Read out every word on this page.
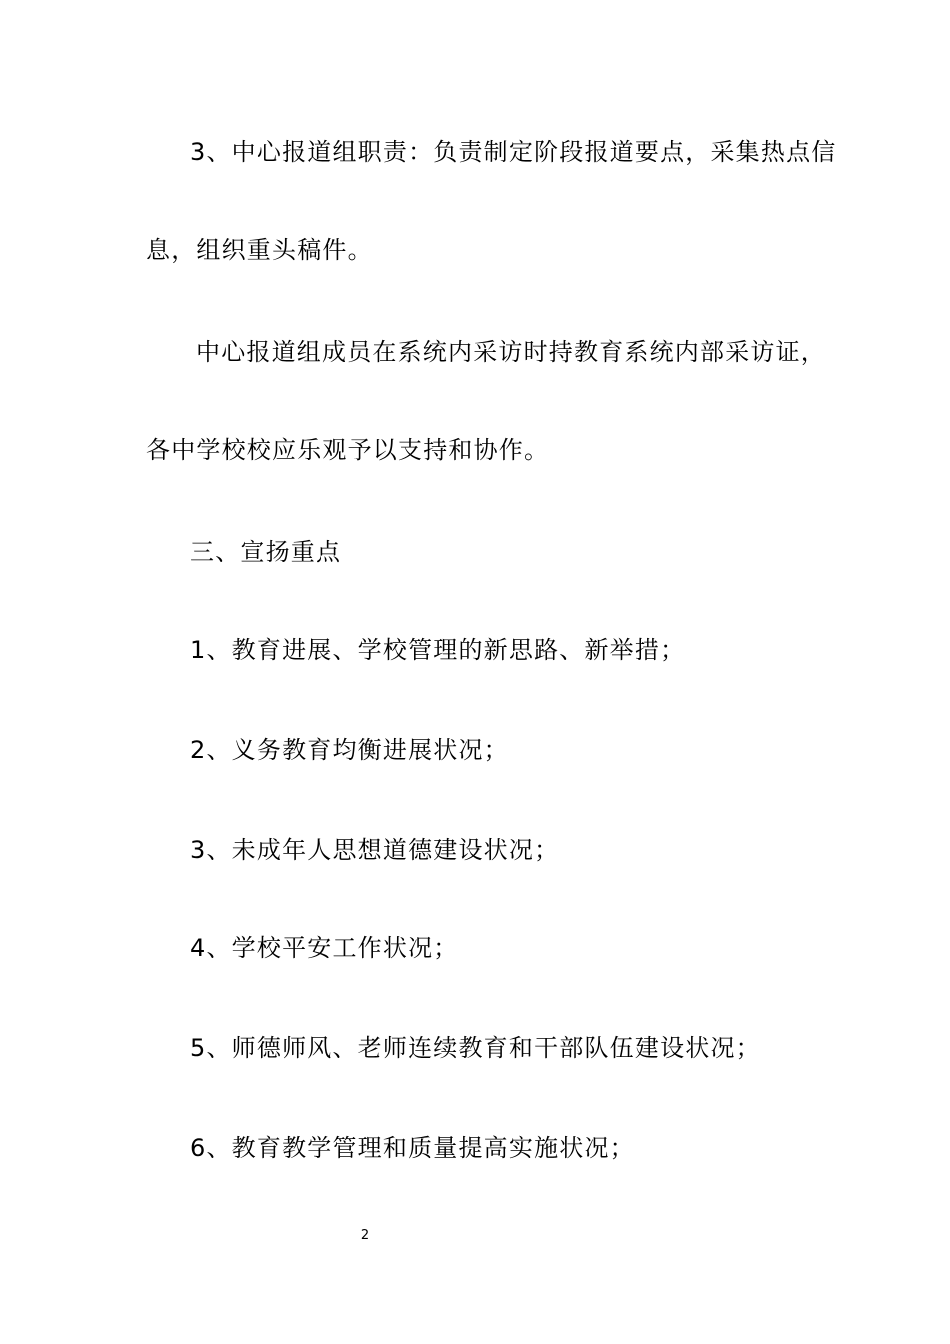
3、中心报道组职责：负责制定阶段报道要点，采集热点信
息，组织重头稿件。
中心报道组成员在系统内采访时持教育系统内部采访证，
各中学校校应乐观予以支持和协作。
三、宣扬重点
1、教育进展、学校管理的新思路、新举措；
2、义务教育均衡进展状况；
3、未成年人思想道德建设状况；
4、学校平安工作状况；
5、师德师风、老师连续教育和干部队伍建设状况；
6、教育教学管理和质量提高实施状况；
2
